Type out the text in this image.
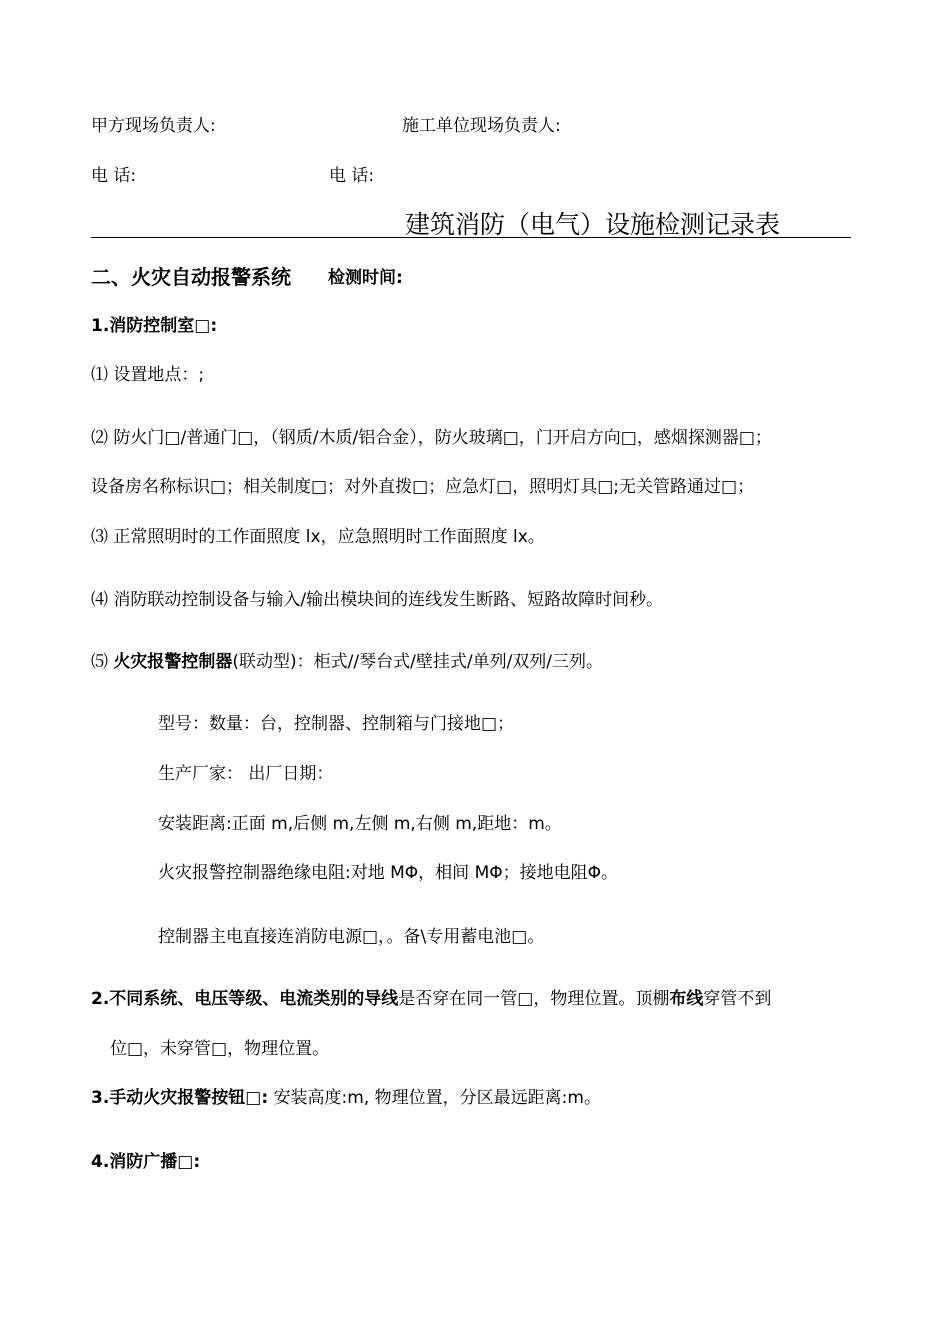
甲方现场负责人:	施工单位现场负责人:
电 话:	电 话:
建筑消防（电气）设施检测记录表
二、火灾自动报警系统 检测时间:
1.消防控制室□:
⑴ 设置地点：;
⑵ 防火门□/普通门□，（钢质/木质/铝合金），防火玻璃□，门开启方向□，感烟探测器□；
设备房名称标识□；相关制度□；对外直拨□；应急灯□，照明灯具□;无关管路通过□；
⑶ 正常照明时的工作面照度 lx，应急照明时工作面照度 lx。
⑷ 消防联动控制设备与输入/输出模块间的连线发生断路、短路故障时间秒。
⑸ 火灾报警控制器(联动型)：柜式//琴台式/壁挂式/单列/双列/三列。
型号：数量：台，控制器、控制箱与门接地□；
生产厂家： 出厂日期：
安装距离:正面 m,后侧 m,左侧 m,右侧 m,距地：m。
火灾报警控制器绝缘电阻:对地 MΦ，相间 MΦ；接地电阻Φ。
控制器主电直接连消防电源□，。备\专用蓄电池□。
2.不同系统、电压等级、电流类别的导线是否穿在同一管□，物理位置。顶棚布线穿管不到
位□，未穿管□，物理位置。
3.手动火灾报警按钮□: 安装高度:m, 物理位置，分区最远距离:m。
4.消防广播□:
